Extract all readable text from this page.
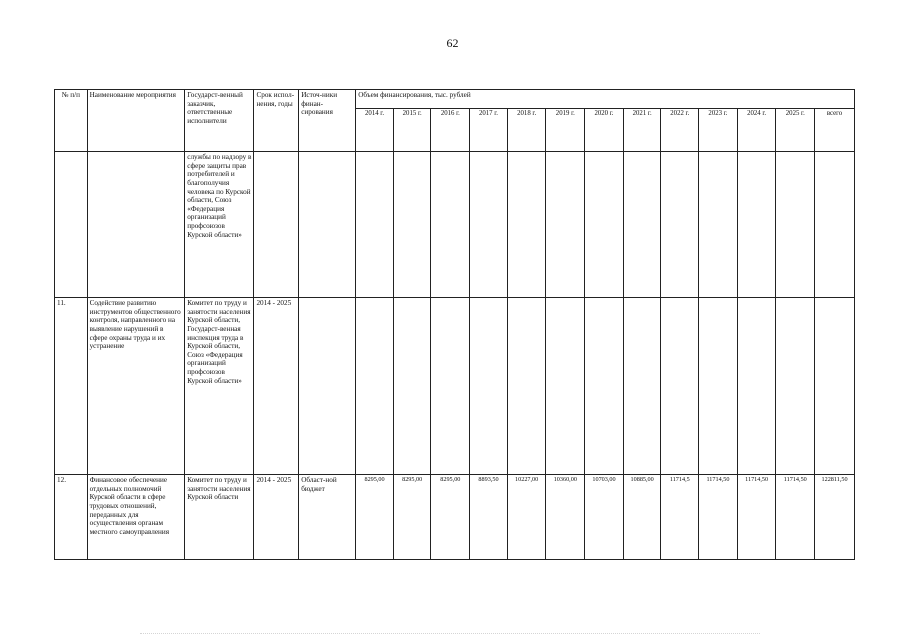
62
№ п/п	Наименование мероприятия	Государст-венный заказчик, ответственные исполнители	Срок испол-нения, годы	Источ-ники финан-сирования	Объем финансирования, тыс. рублей												
					2014 г.	2015 г.	2016 г.	2017 г.	2018 г.	2019 г.	2020 г.	2021 г.	2022 г.	2023 г.	2024 г.	2025 г.	всего
		службы по надзору в сфере защиты прав потребителей и благополучия человека по Курской области, Союз «Федерация организаций профсоюзов Курской области»															
11.	Содействие развитию инструментов общественного контроля, направленного на выявление нарушений в сфере охраны труда и их устранение	Комитет по труду и занятости населения Курской области, Государст-венная инспекция труда в Курской области, Союз «Федерация организаций профсоюзов Курской области»	2014 - 2025														
12.	Финансовое обеспечение отдельных полномочий Курской области в сфере трудовых отношений, переданных для осуществления органам местного самоуправления	Комитет по труду и занятости населения Курской области	2014 - 2025	Област-ной бюджет	8295,00	8295,00	8295,00	8893,50	10227,00	10360,00	10703,00	10885,00	11714,5	11714,50	11714,50	11714,50	122811,50
